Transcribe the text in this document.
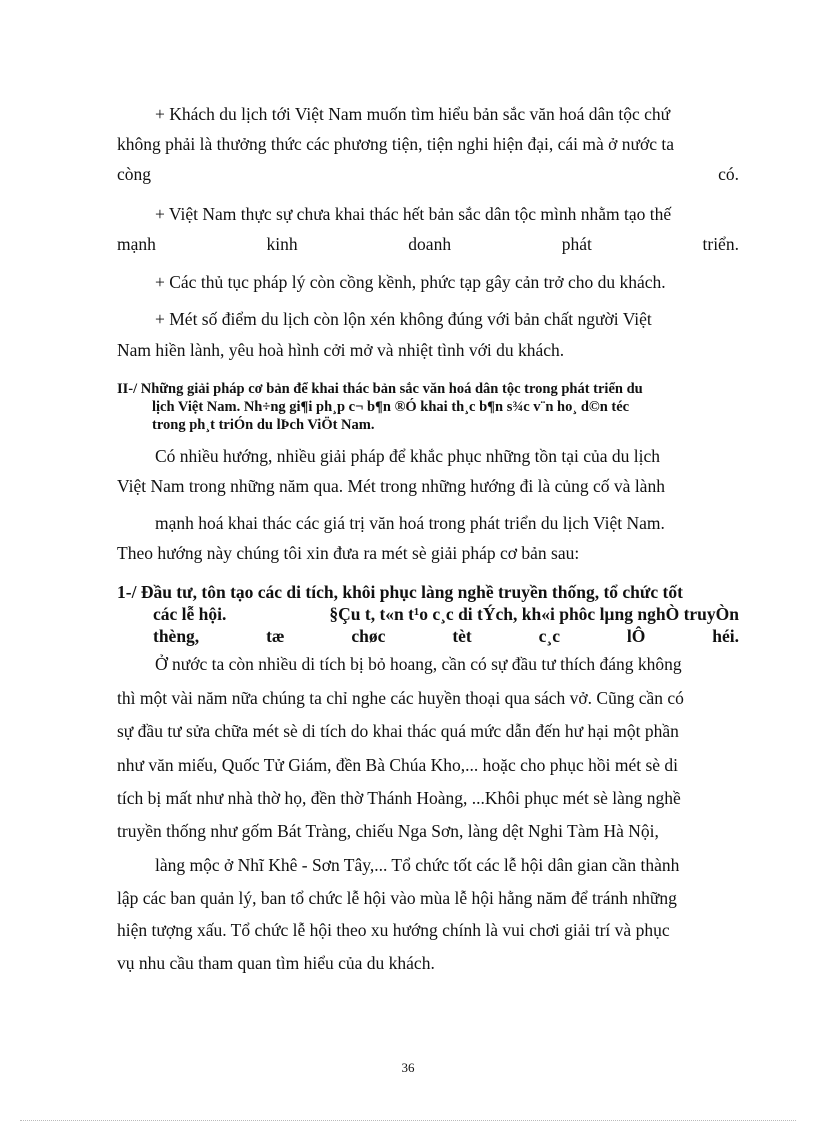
+ Khách du lịch tới Việt Nam muốn tìm hiểu bản sắc văn hoá dân tộc chứ
không phải là thưởng thức các phương tiện, tiện nghi hiện đại, cái mà ở nước ta
còng	có.
+ Việt Nam thực sự chưa khai thác hết bản sắc dân tộc mình nhằm tạo thế
mạnh	kinh	doanh	phát	triển.
+ Các thủ tục pháp lý còn cồng kềnh, phức tạp gây cản trở cho du khách.
+ Mét số điểm du lịch còn lộn xén không đúng với bản chất người Việt
Nam hiền lành, yêu hoà hình cởi mở và nhiệt tình với du khách.
II-/ Những giải pháp cơ bản để khai thác bản sắc văn hoá dân tộc trong phát triển du
lịch Việt Nam. Nh÷ng gi¶i ph¸p c¬ b¶n ®Ó khai th¸c b¶n s¾c v¨n ho¸ d©n téc
trong ph¸t triÓn du lÞch ViÖt Nam.
Có nhiều hướng, nhiều giải pháp để khắc phục những tồn tại của du lịch
Việt Nam trong những năm qua. Mét trong những hướng đi là củng cố và lành
mạnh hoá khai thác các giá trị văn hoá trong phát triển du lịch Việt Nam.
Theo hướng này chúng tôi xin đưa ra mét sè giải pháp cơ bản sau:
1-/ Đầu tư, tôn tạo các di tích, khôi phục làng nghề truyền thống, tổ chức tốt
các lễ hội.	§Çu t, t«n t¹o c¸c di tÝch, kh«i phôc lµng nghÒ truyÒn
thèng,	tæ	chøc	tèt	c¸c	lÔ	héi.
Ở nước ta còn nhiều di tích bị bỏ hoang, cần có sự đầu tư thích đáng không
thì một vài năm nữa chúng ta chỉ nghe các huyền thoại qua sách vở. Cũng cần có
sự đầu tư sửa chữa mét sè di tích do khai thác quá mức dẫn đến hư hại một phần
như văn miếu, Quốc Tử Giám, đền Bà Chúa Kho,... hoặc cho phục hồi mét sè di
tích bị mất như nhà thờ họ, đền thờ Thánh Hoàng, ...Khôi phục mét sè làng nghề
truyền thống như gốm Bát Tràng, chiếu Nga Sơn, làng dệt Nghi Tàm Hà Nội,
làng mộc ở Nhĩ Khê - Sơn Tây,... Tổ chức tốt các lễ hội dân gian cần thành
lập các ban quản lý, ban tổ chức lễ hội vào mùa lễ hội hằng năm để tránh những
hiện tượng xấu. Tổ chức lễ hội theo xu hướng chính là vui chơi giải trí và phục
vụ nhu cầu tham quan tìm hiểu của du khách.
36
